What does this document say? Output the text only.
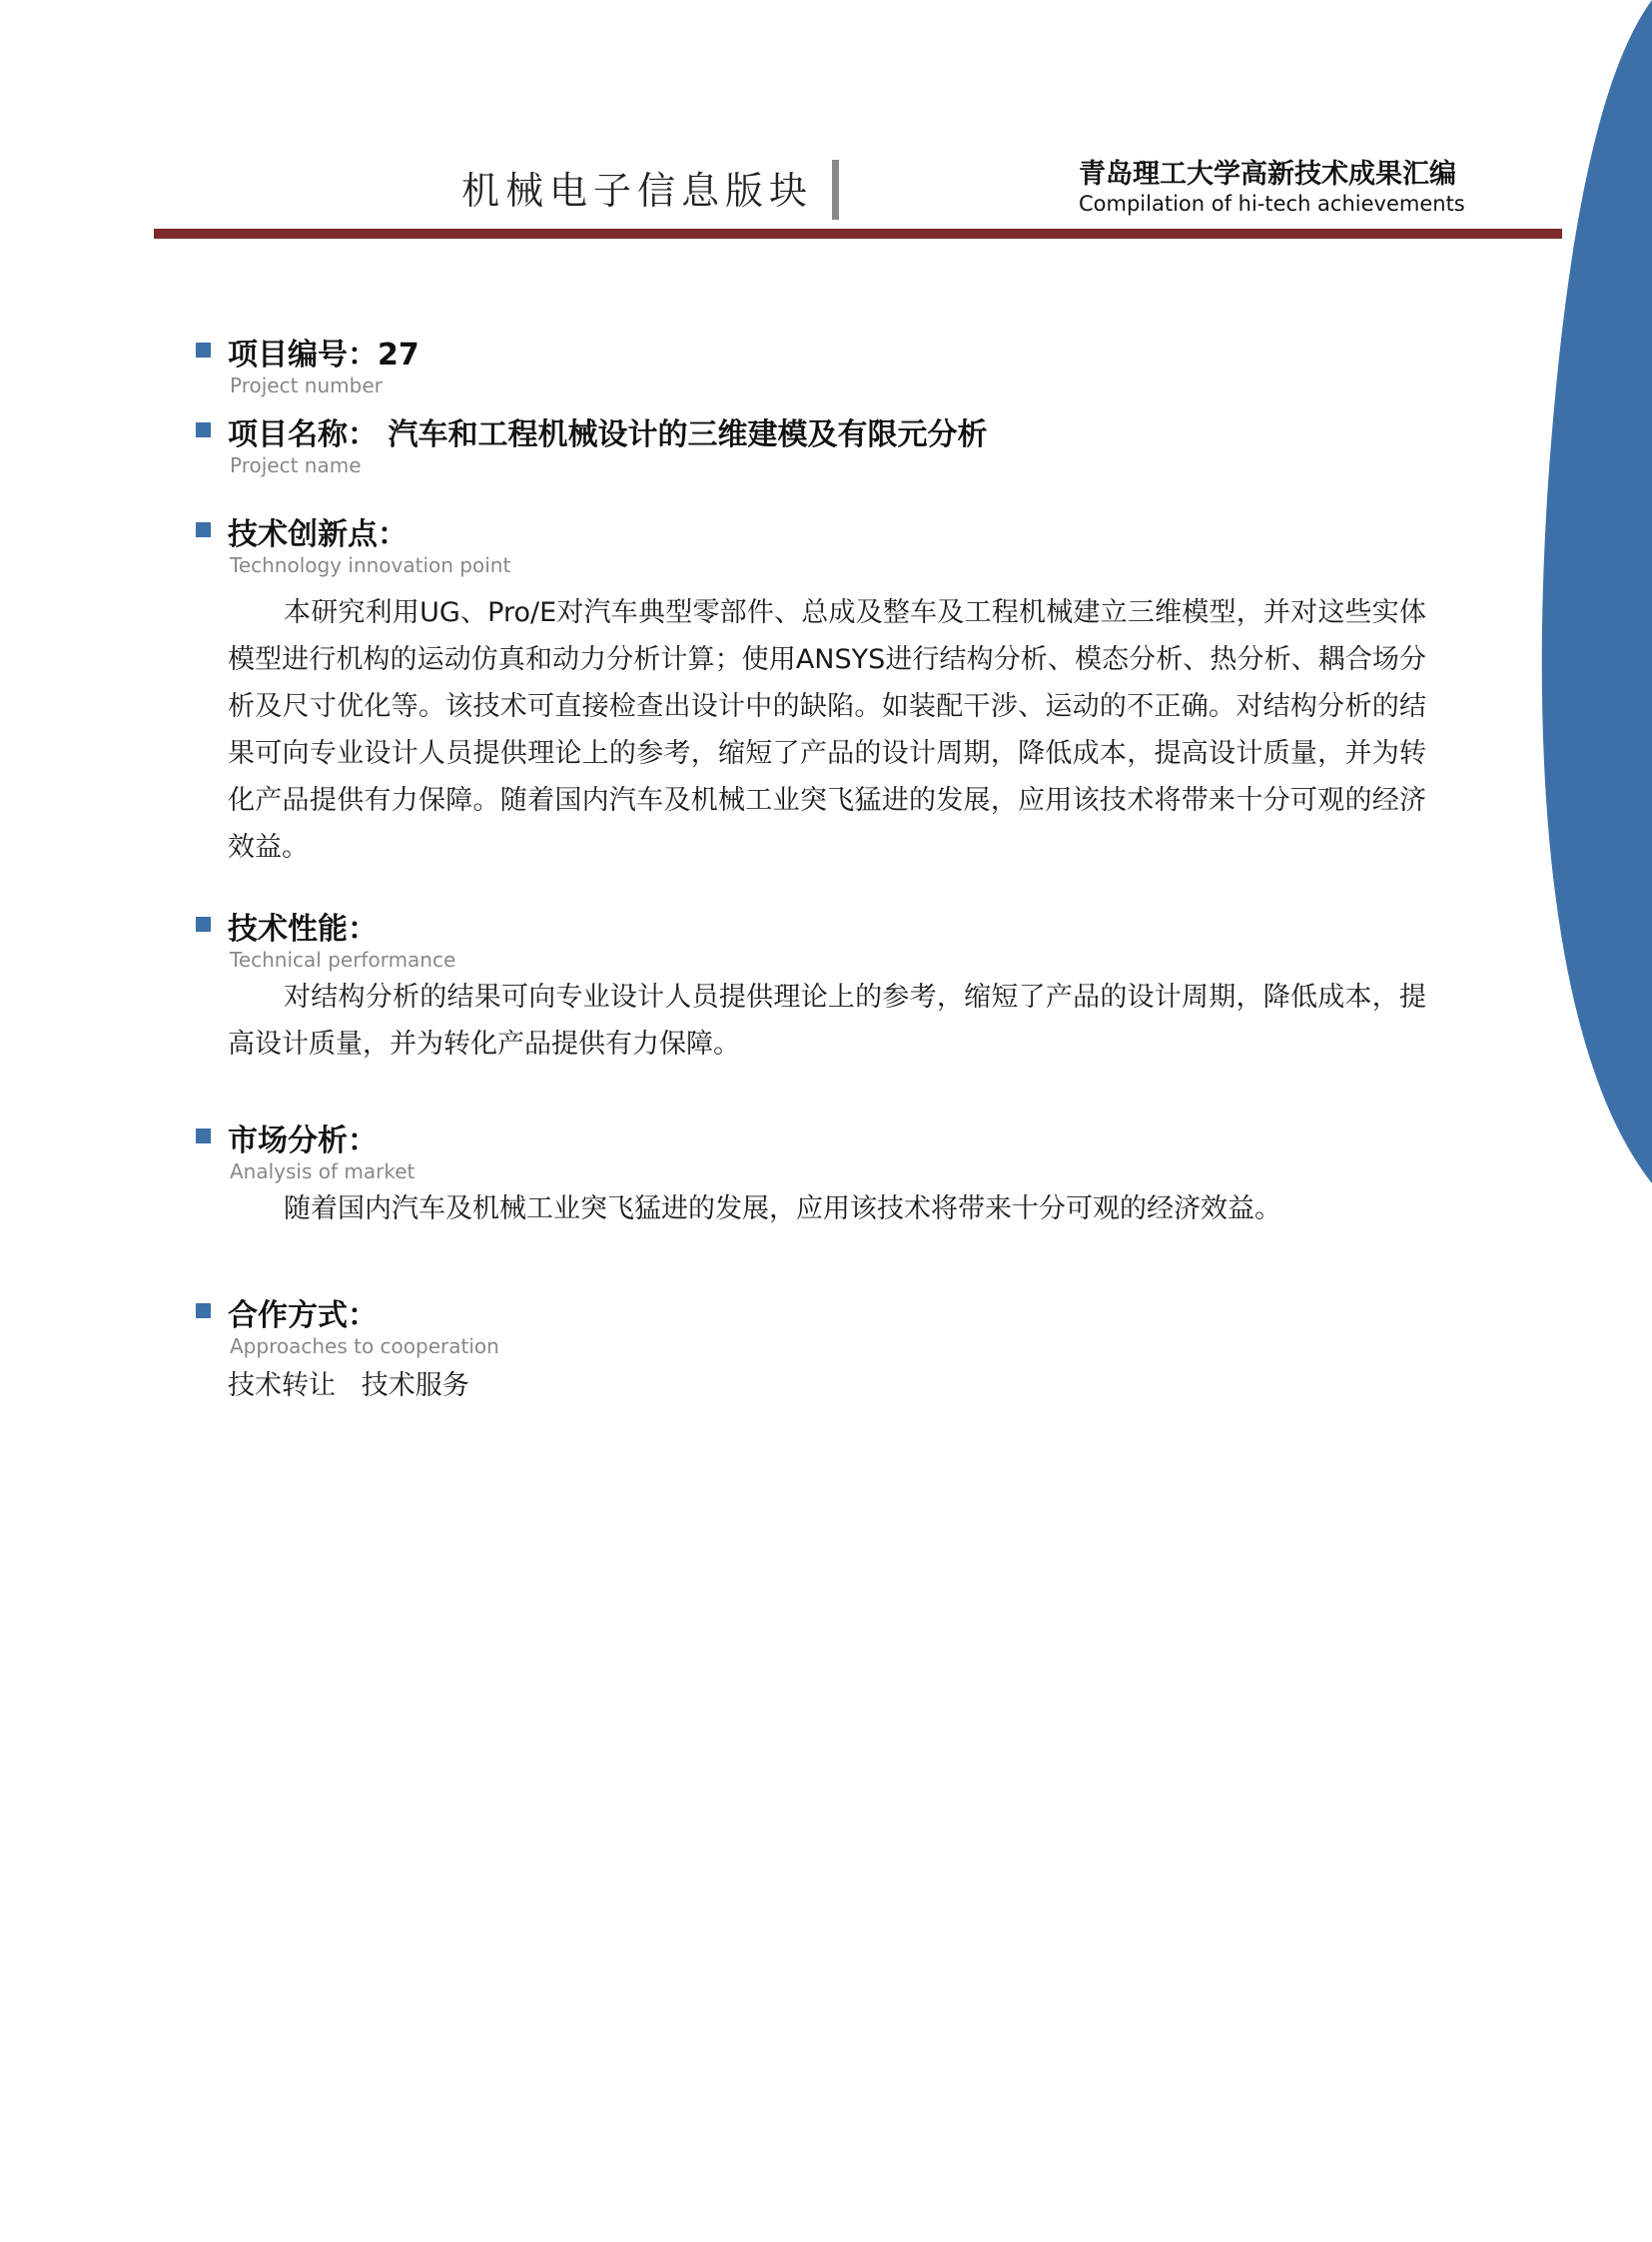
机械电子信息版块	青岛理工大学高新技术成果汇编
Compilation of hi-tech achievements
项目编号：27
Project number
项目名称： 汽车和工程机械设计的三维建模及有限元分析
Project name
技术创新点：
Technology innovation point
本研究利用UG、Pro/E对汽车典型零部件、总成及整车及工程机械建立三维模型，并对这些实体模型进行机构的运动仿真和动力分析计算；使用ANSYS进行结构分析、模态分析、热分析、耦合场分析及尺寸优化等。该技术可直接检查出设计中的缺陷。如装配干涉、运动的不正确。对结构分析的结果可向专业设计人员提供理论上的参考，缩短了产品的设计周期，降低成本，提高设计质量，并为转化产品提供有力保障。随着国内汽车及机械工业突飞猛进的发展，应用该技术将带来十分可观的经济效益。
技术性能：
Technical performance
对结构分析的结果可向专业设计人员提供理论上的参考，缩短了产品的设计周期，降低成本，提高设计质量，并为转化产品提供有力保障。
市场分析：
Analysis of market
随着国内汽车及机械工业突飞猛进的发展，应用该技术将带来十分可观的经济效益。
合作方式：
Approaches to cooperation
技术转让   技术服务
